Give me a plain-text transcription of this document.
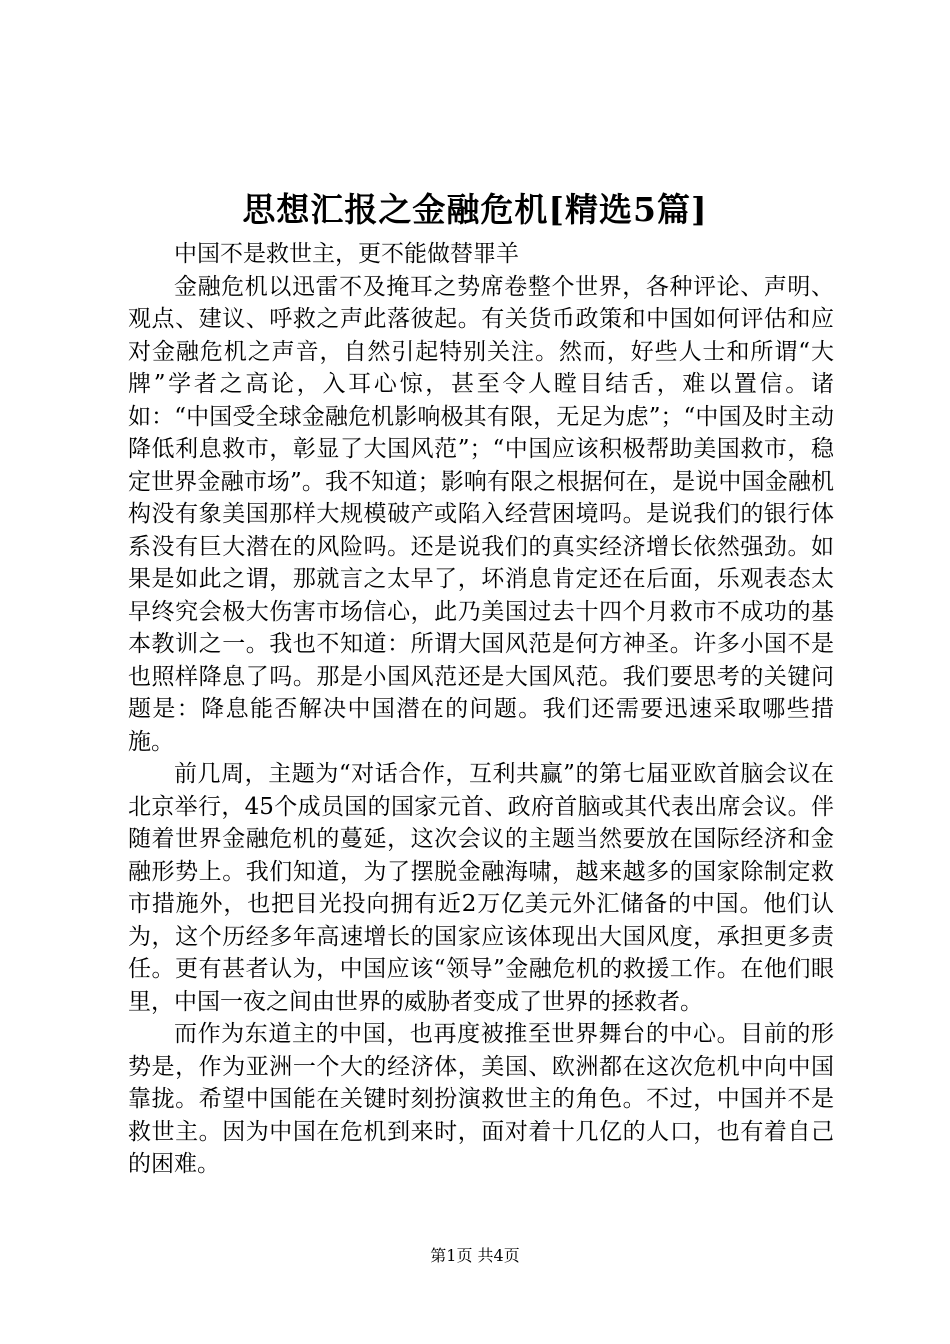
思想汇报之金融危机[精选5篇]

中国不是救世主，更不能做替罪羊

金融危机以迅雷不及掩耳之势席卷整个世界，各种评论、声明、观点、建议、呼救之声此落彼起。有关货币政策和中国如何评估和应对金融危机之声音，自然引起特别关注。然而，好些人士和所谓“大牌”学者之高论，入耳心惊，甚至令人瞠目结舌，难以置信。诸如：“中国受全球金融危机影响极其有限，无足为虑”；“中国及时主动降低利息救市，彰显了大国风范”；“中国应该积极帮助美国救市，稳定世界金融市场”。我不知道；影响有限之根据何在，是说中国金融机构没有象美国那样大规模破产或陷入经营困境吗。是说我们的银行体系没有巨大潜在的风险吗。还是说我们的真实经济增长依然强劲。如果是如此之谓，那就言之太早了，坏消息肯定还在后面，乐观表态太早终究会极大伤害市场信心，此乃美国过去十四个月救市不成功的基本教训之一。我也不知道：所谓大国风范是何方神圣。许多小国不是也照样降息了吗。那是小国风范还是大国风范。我们要思考的关键问题是：降息能否解决中国潜在的问题。我们还需要迅速采取哪些措施。

前几周，主题为“对话合作，互利共赢”的第七届亚欧首脑会议在北京举行，45个成员国的国家元首、政府首脑或其代表出席会议。伴随着世界金融危机的蔓延，这次会议的主题当然要放在国际经济和金融形势上。我们知道，为了摆脱金融海啸，越来越多的国家除制定救市措施外，也把目光投向拥有近2万亿美元外汇储备的中国。他们认为，这个历经多年高速增长的国家应该体现出大国风度，承担更多责任。更有甚者认为，中国应该“领导”金融危机的救援工作。在他们眼里，中国一夜之间由世界的威胁者变成了世界的拯救者。

而作为东道主的中国，也再度被推至世界舞台的中心。目前的形势是，作为亚洲一个大的经济体，美国、欧洲都在这次危机中向中国靠拢。希望中国能在关键时刻扮演救世主的角色。不过，中国并不是救世主。因为中国在危机到来时，面对着十几亿的人口，也有着自己的困难。

第1页 共4页
